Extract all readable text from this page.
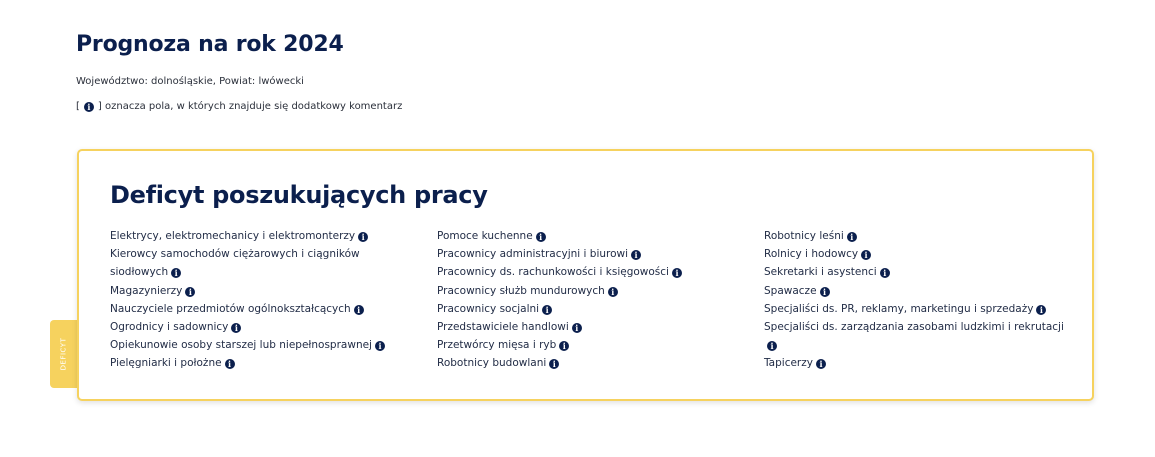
Prognoza na rok 2024
Województwo: dolnośląskie, Powiat: lwówecki
[ i ] oznacza pola, w których znajduje się dodatkowy komentarz
DEFICYT
Deficyt poszukujących pracy
Elektrycy, elektromechanicy i elektromonterzy i
Kierowcy samochodów ciężarowych i ciągników siodłowych i
Magazynierzy i
Nauczyciele przedmiotów ogólnokształcących i
Ogrodnicy i sadownicy i
Opiekunowie osoby starszej lub niepełnosprawnej i
Pielęgniarki i położne i
Pomoce kuchenne i
Pracownicy administracyjni i biurowi i
Pracownicy ds. rachunkowości i księgowości i
Pracownicy służb mundurowych i
Pracownicy socjalni i
Przedstawiciele handlowi i
Przetwórcy mięsa i ryb i
Robotnicy budowlani i
Robotnicy leśni i
Rolnicy i hodowcy i
Sekretarki i asystenci i
Spawacze i
Specjaliści ds. PR, reklamy, marketingu i sprzedaży i
Specjaliści ds. zarządzania zasobami ludzkimi i rekrutacjii
Tapicerzy i
